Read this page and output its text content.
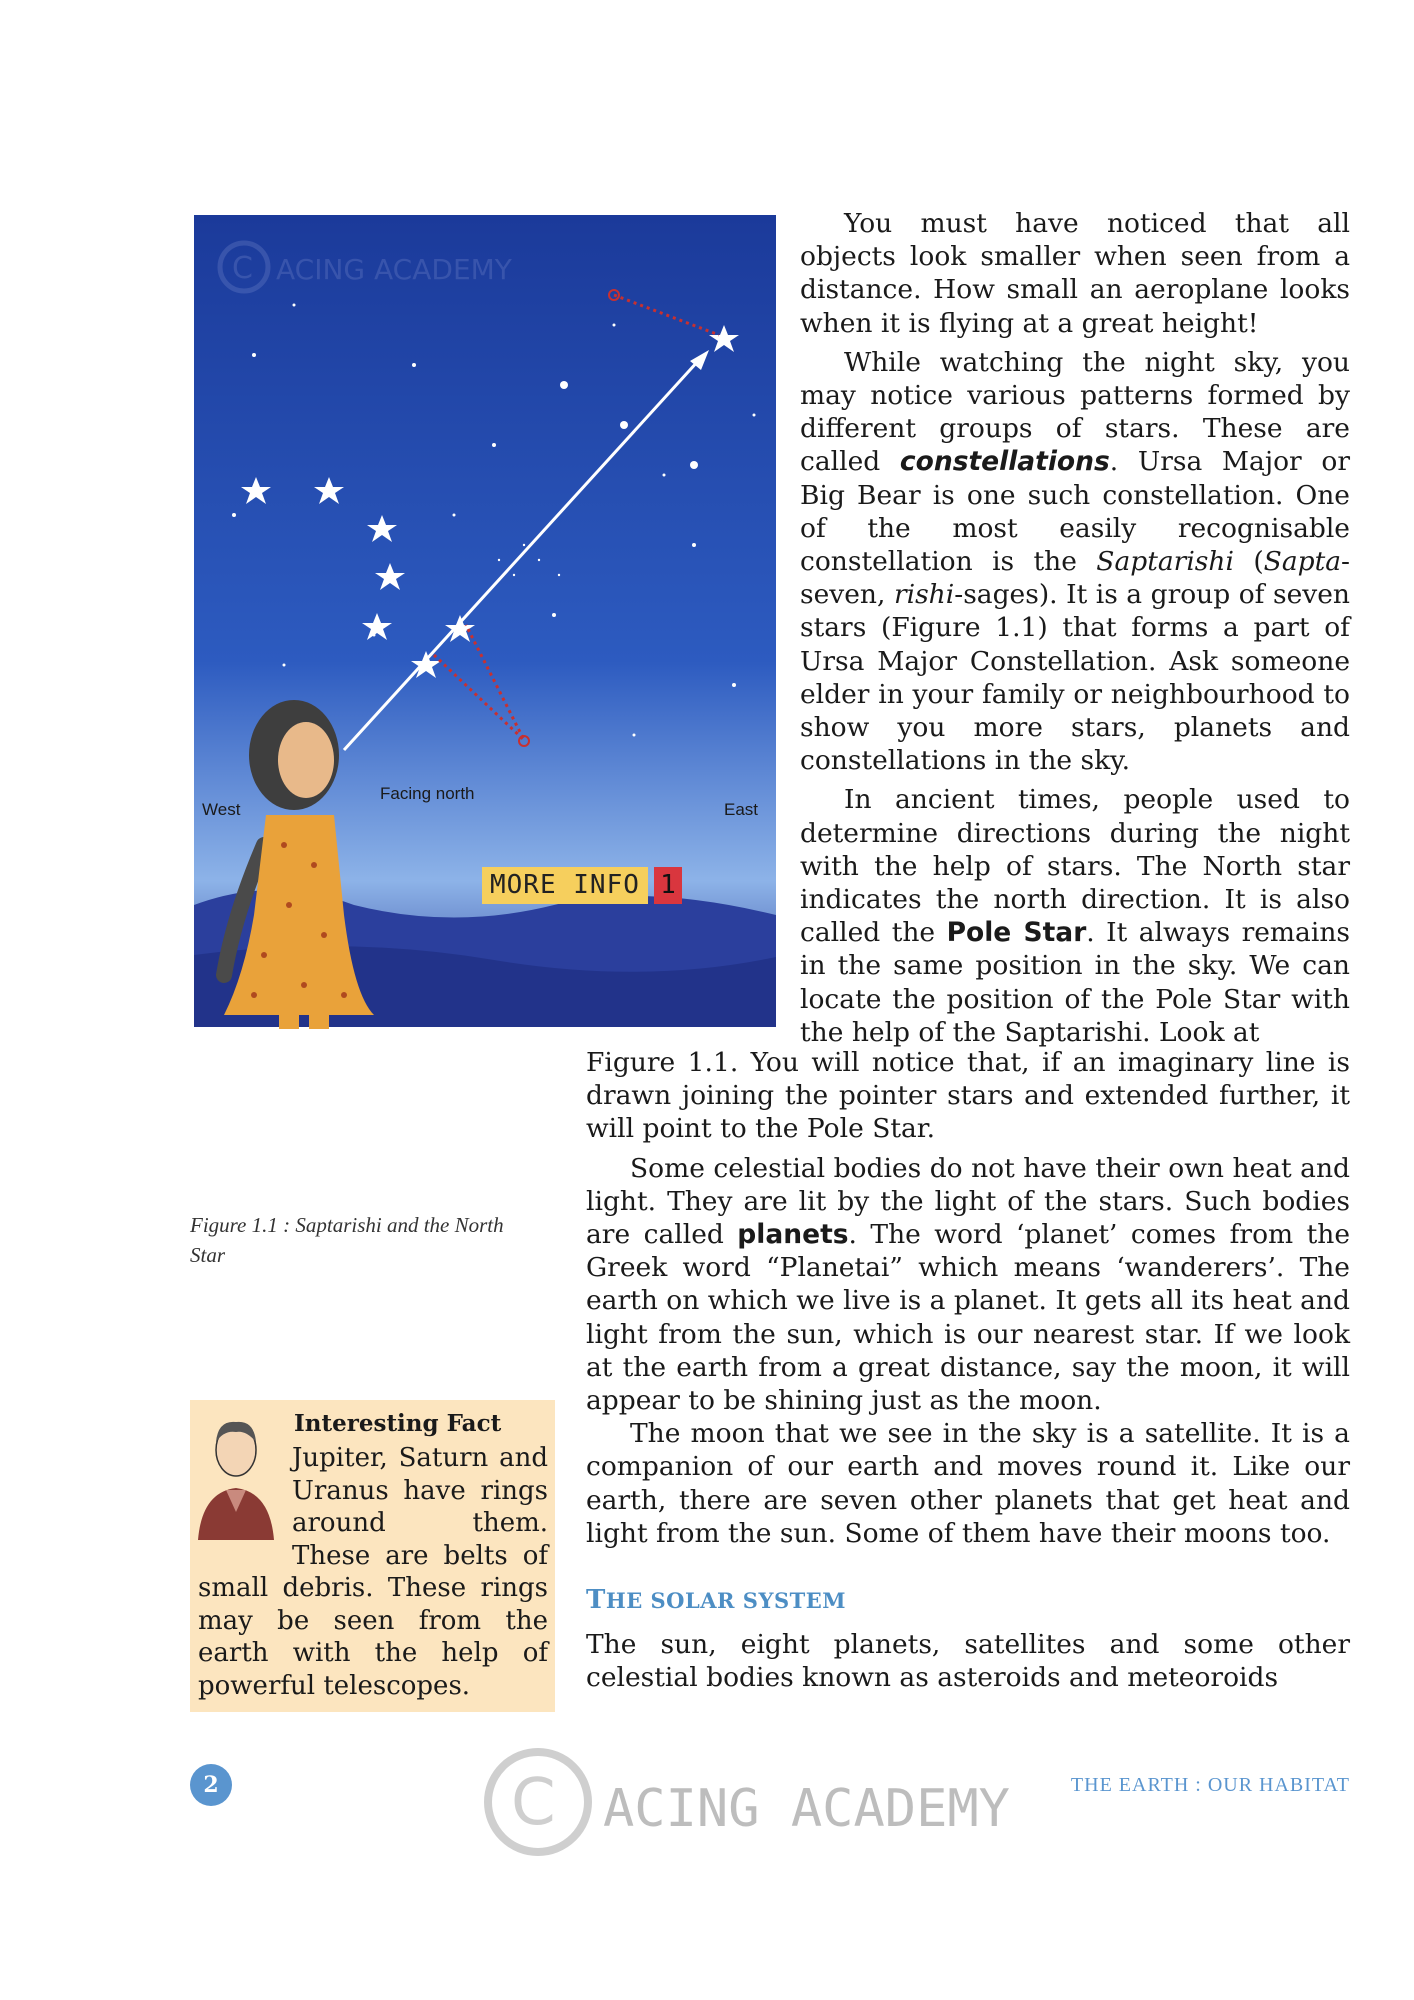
C ACING ACADEMY
West	East
Facing north
MORE INFO 1
Figure 1.1 : Saptarishi and the North Star

You must have noticed that all objects look smaller when seen from a distance. How small an aeroplane looks when it is flying at a great height!

While watching the night sky, you may notice various patterns formed by different groups of stars. These are called constellations. Ursa Major or Big Bear is one such constellation. One of the most easily recognisable constellation is the Saptarishi (Sapta-seven, rishi-sages). It is a group of seven stars (Figure 1.1) that forms a part of Ursa Major Constellation. Ask someone elder in your family or neighbourhood to show you more stars, planets and constellations in the sky.

In ancient times, people used to determine directions during the night with the help of stars. The North star indicates the north direction. It is also called the Pole Star. It always remains in the same position in the sky. We can locate the position of the Pole Star with the help of the Saptarishi. Look at

Figure 1.1. You will notice that, if an imaginary line is drawn joining the pointer stars and extended further, it will point to the Pole Star.

Some celestial bodies do not have their own heat and light. They are lit by the light of the stars. Such bodies are called planets. The word ‘planet’ comes from the Greek word “Planetai” which means ‘wanderers’. The earth on which we live is a planet. It gets all its heat and light from the sun, which is our nearest star. If we look at the earth from a great distance, say the moon, it will appear to be shining just as the moon.

The moon that we see in the sky is a satellite. It is a companion of our earth and moves round it. Like our earth, there are seven other planets that get heat and light from the sun. Some of them have their moons too.

THE SOLAR SYSTEM

The sun, eight planets, satellites and some other celestial bodies known as asteroids and meteoroids

Interesting Fact
Jupiter, Saturn and Uranus have rings around them. These are belts of small debris. These rings may be seen from the earth with the help of powerful telescopes.
2	C ACING ACADEMY	THE EARTH : OUR HABITAT
